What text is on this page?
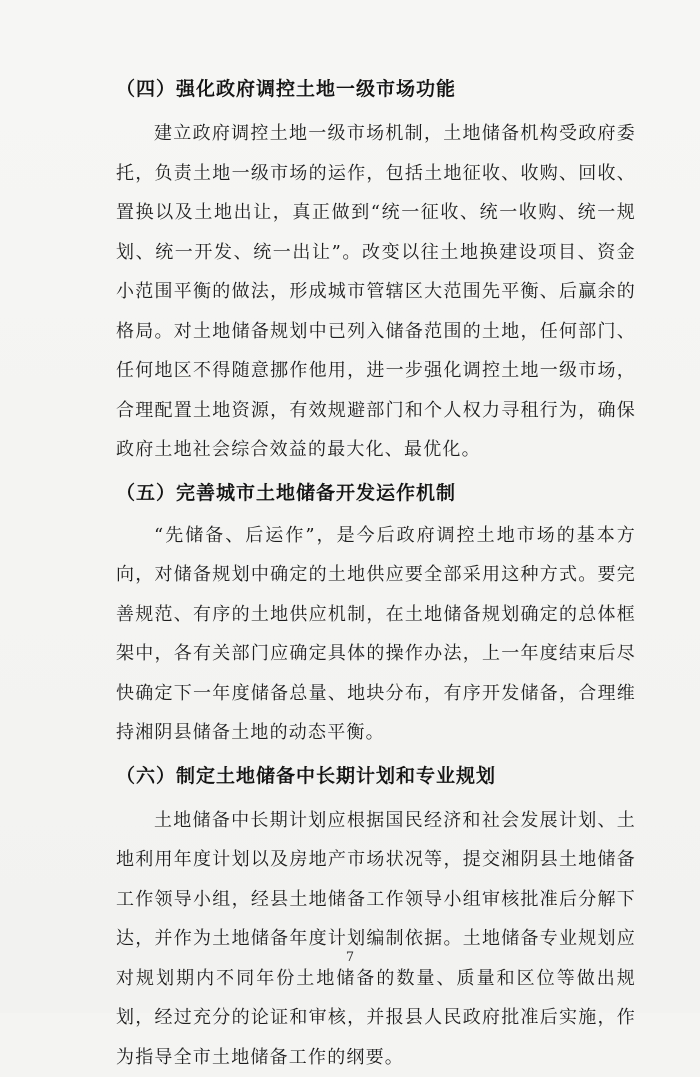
（四）强化政府调控土地一级市场功能

建立政府调控土地一级市场机制，土地储备机构受政府委托，负责土地一级市场的运作，包括土地征收、收购、回收、置换以及土地出让，真正做到“统一征收、统一收购、统一规划、统一开发、统一出让”。改变以往土地换建设项目、资金小范围平衡的做法，形成城市管辖区大范围先平衡、后赢余的格局。对土地储备规划中已列入储备范围的土地，任何部门、任何地区不得随意挪作他用，进一步强化调控土地一级市场，合理配置土地资源，有效规避部门和个人权力寻租行为，确保政府土地社会综合效益的最大化、最优化。

（五）完善城市土地储备开发运作机制

“先储备、后运作”，是今后政府调控土地市场的基本方向，对储备规划中确定的土地供应要全部采用这种方式。要完善规范、有序的土地供应机制，在土地储备规划确定的总体框架中，各有关部门应确定具体的操作办法，上一年度结束后尽快确定下一年度储备总量、地块分布，有序开发储备，合理维持湘阴县储备土地的动态平衡。

（六）制定土地储备中长期计划和专业规划

土地储备中长期计划应根据国民经济和社会发展计划、土地利用年度计划以及房地产市场状况等，提交湘阴县土地储备工作领导小组，经县土地储备工作领导小组审核批准后分解下达，并作为土地储备年度计划编制依据。土地储备专业规划应对规划期内不同年份土地储备的数量、质量和区位等做出规划，经过充分的论证和审核，并报县人民政府批准后实施，作为指导全市土地储备工作的纲要。

7
